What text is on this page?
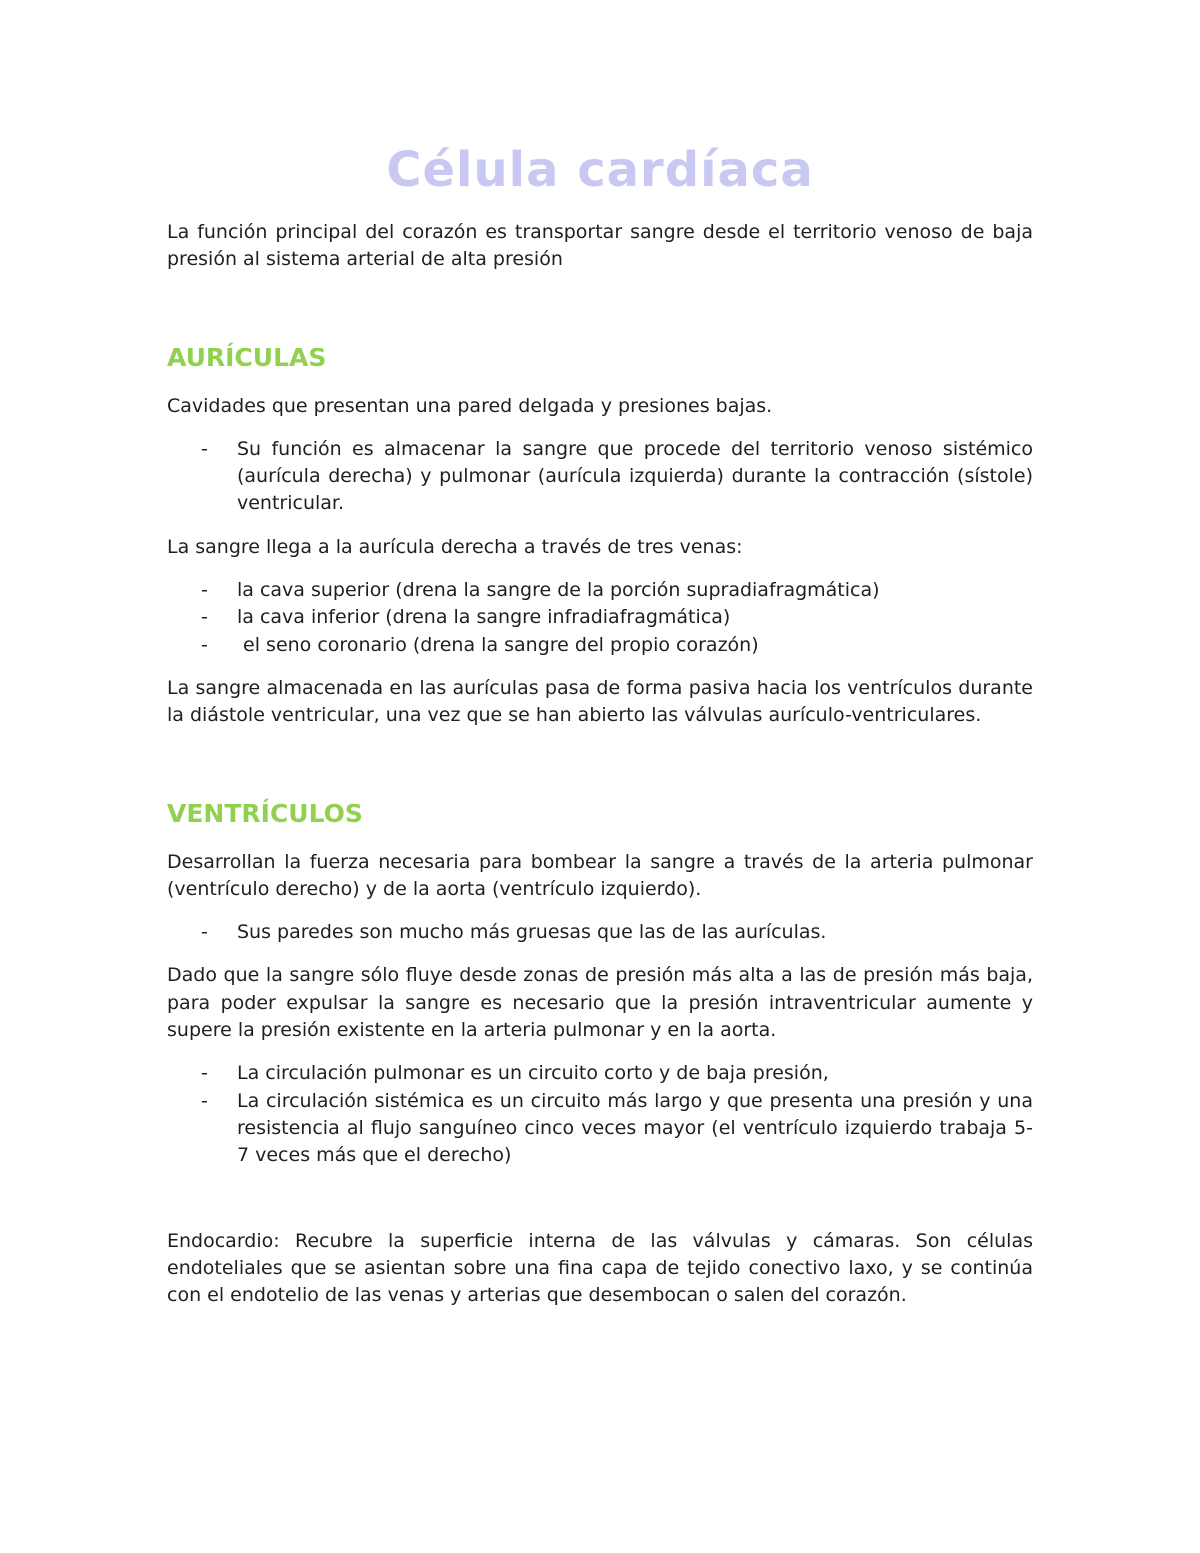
Célula cardíaca

La función principal del corazón es transportar sangre desde el territorio venoso de baja presión al sistema arterial de alta presión

AURÍCULAS

Cavidades que presentan una pared delgada y presiones bajas.

- Su función es almacenar la sangre que procede del territorio venoso sistémico (aurícula derecha) y pulmonar (aurícula izquierda) durante la contracción (sístole) ventricular.

La sangre llega a la aurícula derecha a través de tres venas:

- la cava superior (drena la sangre de la porción supradiafragmática)
- la cava inferior (drena la sangre infradiafragmática)
- el seno coronario (drena la sangre del propio corazón)

La sangre almacenada en las aurículas pasa de forma pasiva hacia los ventrículos durante la diástole ventricular, una vez que se han abierto las válvulas aurículo-ventriculares.

VENTRÍCULOS

Desarrollan la fuerza necesaria para bombear la sangre a través de la arteria pulmonar (ventrículo derecho) y de la aorta (ventrículo izquierdo).

- Sus paredes son mucho más gruesas que las de las aurículas.

Dado que la sangre sólo fluye desde zonas de presión más alta a las de presión más baja, para poder expulsar la sangre es necesario que la presión intraventricular aumente y supere la presión existente en la arteria pulmonar y en la aorta.

- La circulación pulmonar es un circuito corto y de baja presión,
- La circulación sistémica es un circuito más largo y que presenta una presión y una resistencia al flujo sanguíneo cinco veces mayor (el ventrículo izquierdo trabaja 5-7 veces más que el derecho)

Endocardio: Recubre la superficie interna de las válvulas y cámaras. Son células endoteliales que se asientan sobre una fina capa de tejido conectivo laxo, y se continúa con el endotelio de las venas y arterias que desembocan o salen del corazón.
